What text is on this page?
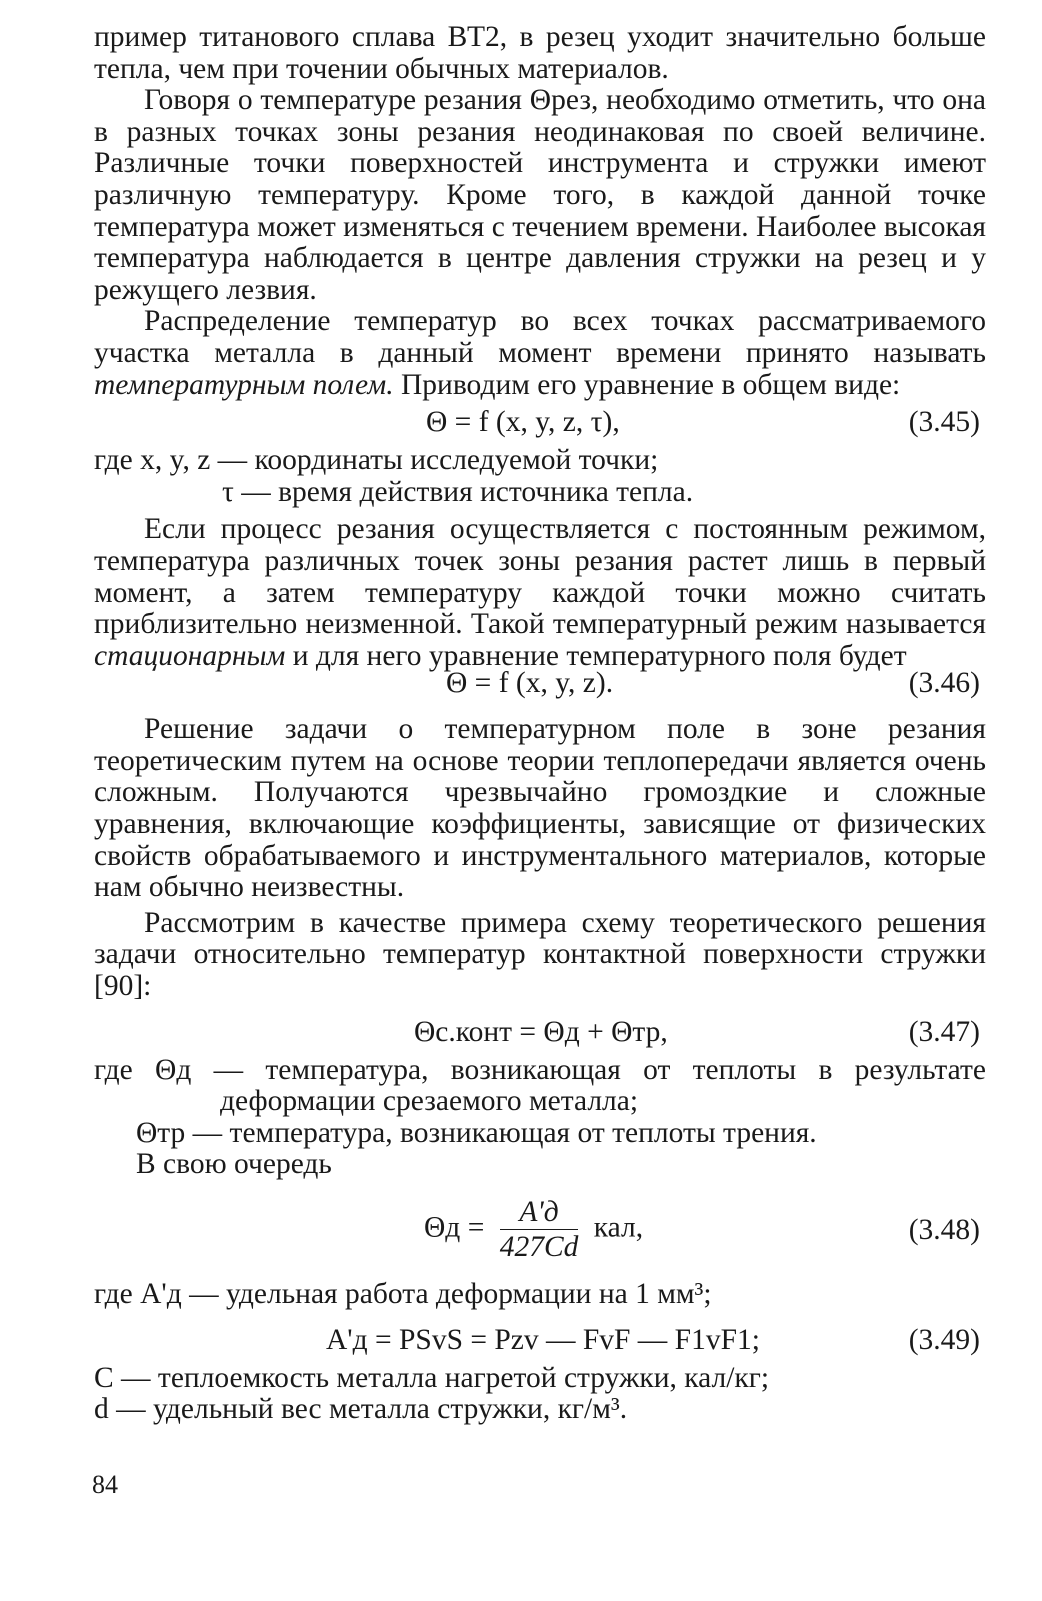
пример титанового сплава ВТ2, в резец уходит значительно больше тепла, чем при точении обычных материалов.

Говоря о температуре резания Θрез, необходимо отметить, что она в разных точках зоны резания неодинаковая по своей величине. Различные точки поверхностей инструмента и стружки имеют различную температуру. Кроме того, в каждой данной точке температура может изменяться с течением времени. Наиболее высокая температура наблюдается в центре давления стружки на резец и у режущего лезвия.

Распределение температур во всех точках рассматриваемого участка металла в данный момент времени принято называть температурным полем. Приводим его уравнение в общем виде:

Θ = f (x, y, z, τ),	(3.45)
где x, y, z — координаты исследуемой точки;
τ — время действия источника тепла.

Если процесс резания осуществляется с постоянным режимом, температура различных точек зоны резания растет лишь в первый момент, а затем температуру каждой точки можно считать приблизительно неизменной. Такой температурный режим называется стационарным и для него уравнение температурного поля будет

Θ = f (x, y, z).	(3.46)

Решение задачи о температурном поле в зоне резания теоретическим путем на основе теории теплопередачи является очень сложным. Получаются чрезвычайно громоздкие и сложные уравнения, включающие коэффициенты, зависящие от физических свойств обрабатываемого и инструментального материалов, которые нам обычно неизвестны.

Рассмотрим в качестве примера схему теоретического решения задачи относительно температур контактной поверхности стружки [90]:

Θс.конт = Θд + Θтр,	(3.47)
где Θд — температура, возникающая от теплоты в результате деформации срезаемого металла;
Θтр — температура, возникающая от теплоты трения.
В свою очередь
$\Theta д = \frac{A'д}{427Cd}$ кал,	(3.48)
где A'д — удельная работа деформации на 1 мм³;
A'д = PSvS = Pzv — FvF — F1vF1;	(3.49)
C — теплоемкость металла нагретой стружки, кал/кг;
d — удельный вес металла стружки, кг/м³.
84
